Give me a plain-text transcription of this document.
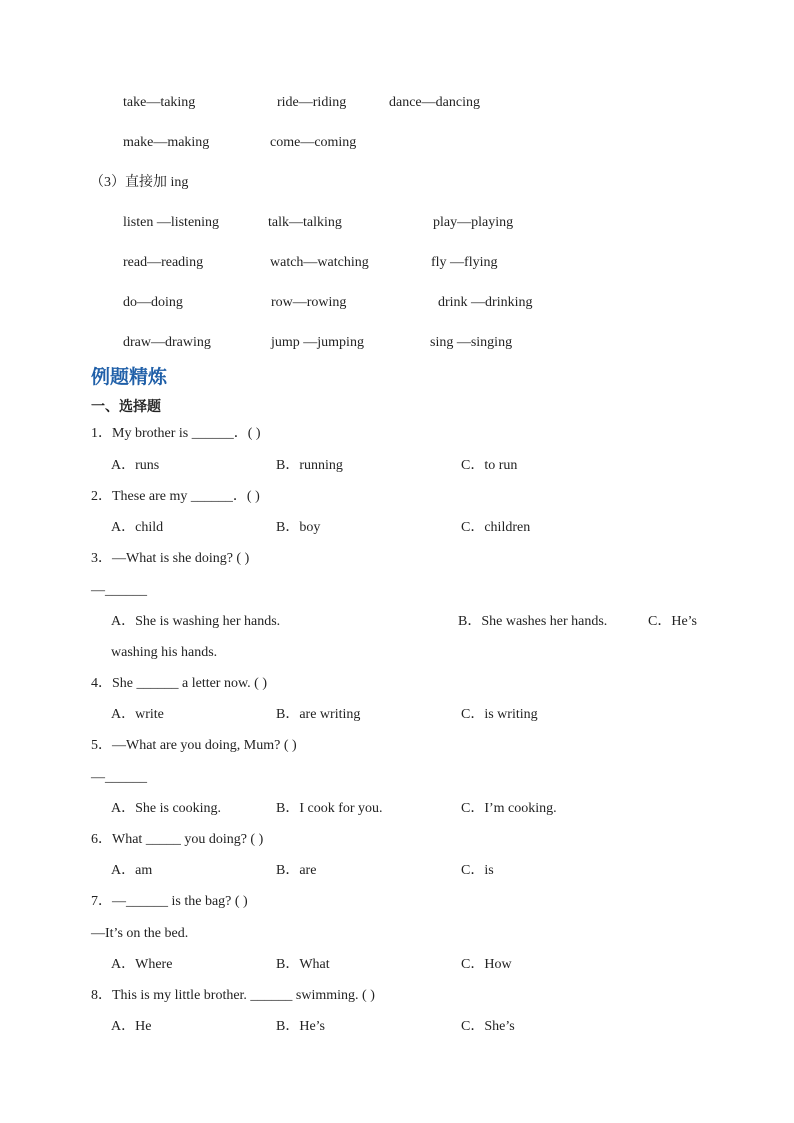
take—taking	ride—riding	dance—dancing
make—making	come—coming
（3）直接加 ing
listen —listening	talk—talking	play—playing
read—reading	watch—watching	fly —flying
do—doing	row—rowing	drink —drinking
draw—drawing	jump —jumping	sing —singing
例题精炼
一、选择题
1．My brother is ______．( )
A．runs	B．running	C．to run
2．These are my ______．( )
A．child	B．boy	C．children
3．—What is she doing? ( )
—______
A．She is washing her hands.	B．She washes her hands.	C．He’s
washing his hands.
4．She ______ a letter now. ( )
A．write	B．are writing	C．is writing
5．—What are you doing, Mum? ( )
—______
A．She is cooking.	B．I cook for you.	C．I’m cooking.
6．What _____ you doing? ( )
A．am	B．are	C．is
7．—______ is the bag? ( )
—It’s on the bed.
A．Where	B．What	C．How
8．This is my little brother. ______ swimming. ( )
A．He	B．He’s	C．She’s
